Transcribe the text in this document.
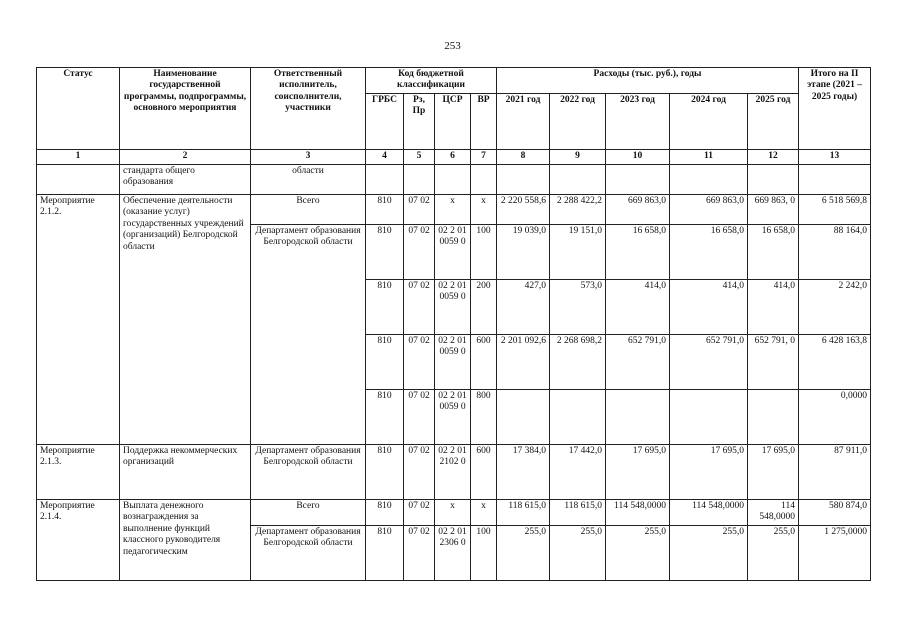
253
Статус	Наименование государственной программы, подпрограммы, основного мероприятия	Ответственный исполнитель, соисполнители, участники	Код бюджетной классификации				Расходы (тыс. руб.), годы					Итого на II этапе (2021 – 2025 годы)
			ГРБС	Рз, Пр	ЦСР	ВР	2021 год	2022 год	2023 год	2024 год	2025 год	
1	2	3	4	5	6	7	8	9	10	11	12	13
	стандарта общего образования	области										
Мероприятие 2.1.2.	Обеспечение деятельности (оказание услуг) государственных учреждений (организаций) Белгородской области	Всего	810	07 02	х	х	2 220 558,6	2 288 422,2	669 863,0	669 863,0	669 863, 0	6 518 569,8
		Департамент образования Белгородской области	810	07 02	02 2 01 0059 0	100	19 039,0	19 151,0	16 658,0	16 658,0	16 658,0	88 164,0
			810	07 02	02 2 01 0059 0	200	427,0	573,0	414,0	414,0	414,0	2 242,0
			810	07 02	02 2 01 0059 0	600	2 201 092,6	2 268 698,2	652 791,0	652 791,0	652 791, 0	6 428 163,8
			810	07 02	02 2 01 0059 0	800						0,0000
Мероприятие 2.1.3.	Поддержка некоммерческих организаций	Департамент образования Белгородской области	810	07 02	02 2 01 2102 0	600	17 384,0	17 442,0	17 695,0	17 695,0	17 695,0	87 911,0
Мероприятие 2.1.4.	Выплата денежного вознаграждения за выполнение функций классного руководителя педагогическим	Всего	810	07 02	х	х	118 615,0	118 615,0	114 548,0000	114 548,0000	114 548,0000	580 874,0
		Департамент образования Белгородской области	810	07 02	02 2 01 2306 0	100	255,0	255,0	255,0	255,0	255,0	1 275,0000
